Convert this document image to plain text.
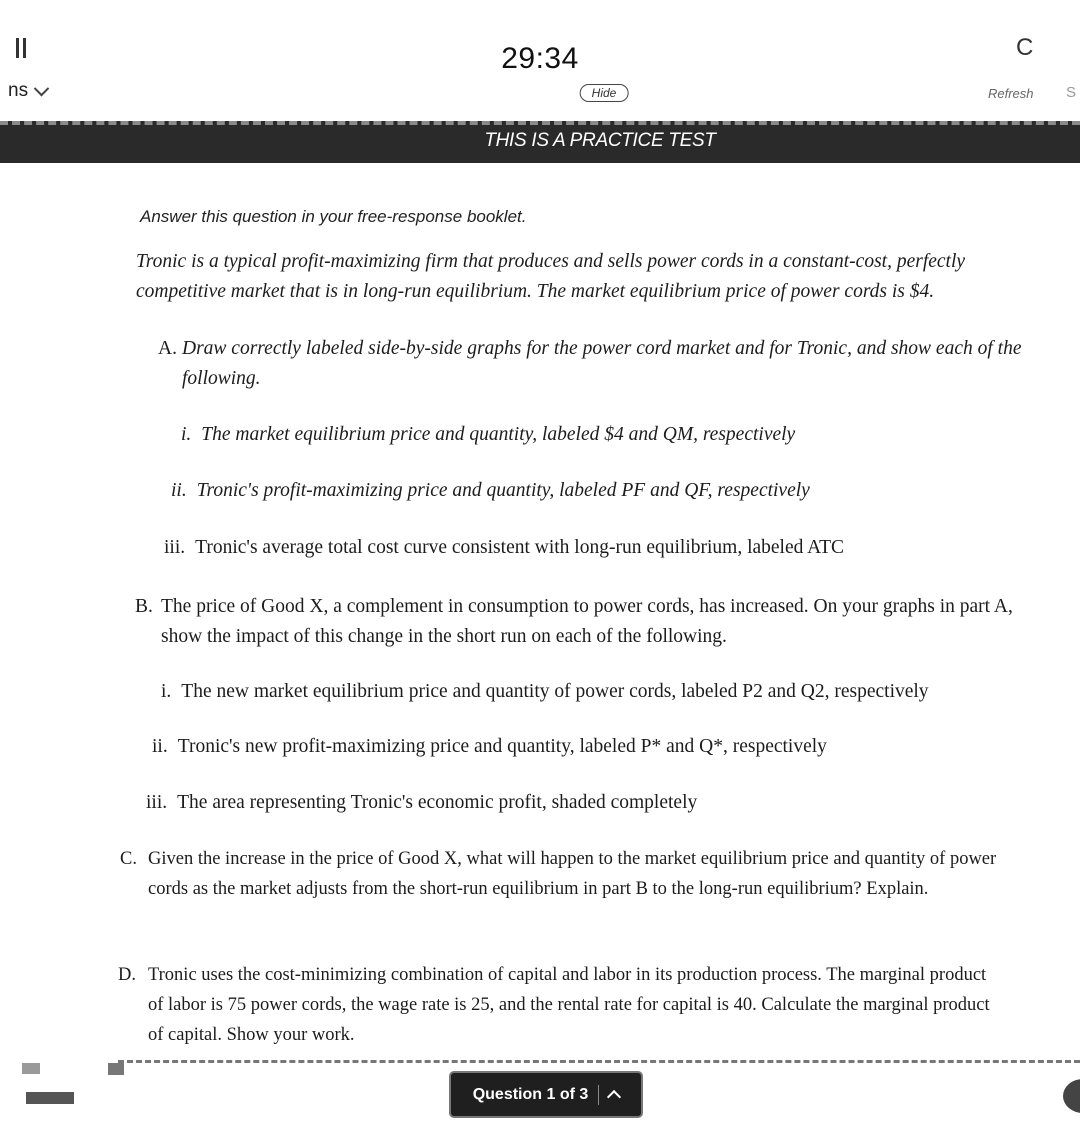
ns
29:34
Hide
C
Refresh S
THIS IS A PRACTICE TEST
Answer this question in your free-response booklet.
Tronic is a typical profit-maximizing firm that produces and sells power cords in a constant-cost, perfectly competitive market that is in long-run equilibrium. The market equilibrium price of power cords is $4.
A. Draw correctly labeled side-by-side graphs for the power cord market and for Tronic, and show each of the following.
i. The market equilibrium price and quantity, labeled $4 and QM, respectively
ii. Tronic's profit-maximizing price and quantity, labeled PF and QF, respectively
iii. Tronic's average total cost curve consistent with long-run equilibrium, labeled ATC
B. The price of Good X, a complement in consumption to power cords, has increased. On your graphs in part A, show the impact of this change in the short run on each of the following.
i. The new market equilibrium price and quantity of power cords, labeled P2 and Q2, respectively
ii. Tronic's new profit-maximizing price and quantity, labeled P* and Q*, respectively
iii. The area representing Tronic's economic profit, shaded completely
C. Given the increase in the price of Good X, what will happen to the market equilibrium price and quantity of power cords as the market adjusts from the short-run equilibrium in part B to the long-run equilibrium? Explain.
D. Tronic uses the cost-minimizing combination of capital and labor in its production process. The marginal product of labor is 75 power cords, the wage rate is 25, and the rental rate for capital is 40. Calculate the marginal product of capital. Show your work.
Question 1 of 3
